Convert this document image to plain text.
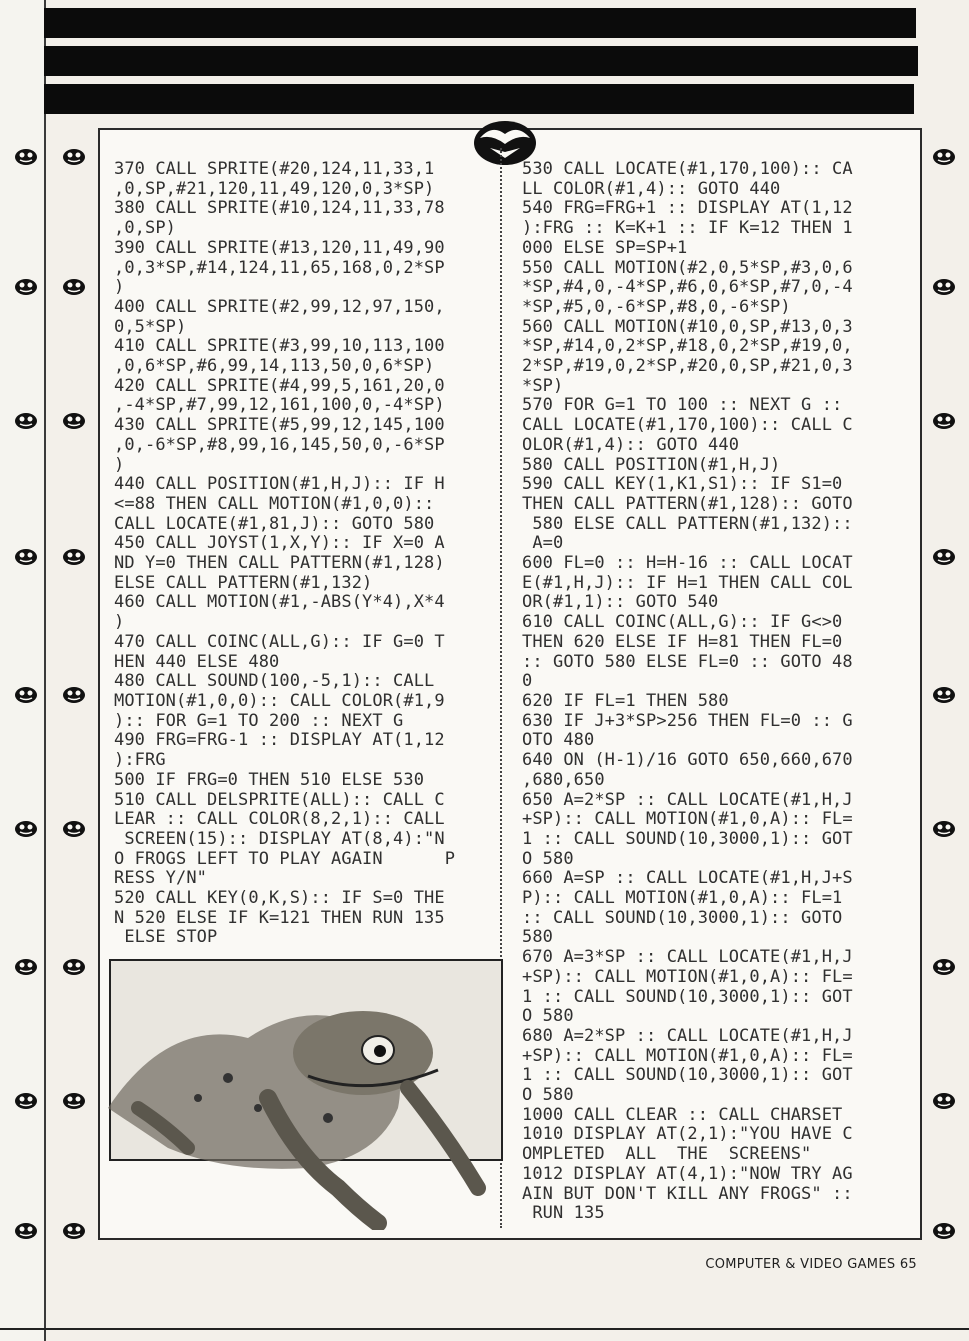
370 CALL SPRITE(#20,124,11,33,1
,0,SP,#21,120,11,49,120,0,3*SP)
380 CALL SPRITE(#10,124,11,33,78
,0,SP)
390 CALL SPRITE(#13,120,11,49,90
,0,3*SP,#14,124,11,65,168,0,2*SP
)
400 CALL SPRITE(#2,99,12,97,150,
0,5*SP)
410 CALL SPRITE(#3,99,10,113,100
,0,6*SP,#6,99,14,113,50,0,6*SP)
420 CALL SPRITE(#4,99,5,161,20,0
,-4*SP,#7,99,12,161,100,0,-4*SP)
430 CALL SPRITE(#5,99,12,145,100
,0,-6*SP,#8,99,16,145,50,0,-6*SP
)
440 CALL POSITION(#1,H,J):: IF H
<=88 THEN CALL MOTION(#1,0,0)::
CALL LOCATE(#1,81,J):: GOTO 580
450 CALL JOYST(1,X,Y):: IF X=0 A
ND Y=0 THEN CALL PATTERN(#1,128)
ELSE CALL PATTERN(#1,132)
460 CALL MOTION(#1,-ABS(Y*4),X*4
)
470 CALL COINC(ALL,G):: IF G=0 T
HEN 440 ELSE 480
480 CALL SOUND(100,-5,1):: CALL
MOTION(#1,0,0):: CALL COLOR(#1,9
):: FOR G=1 TO 200 :: NEXT G
490 FRG=FRG-1 :: DISPLAY AT(1,12
):FRG
500 IF FRG=0 THEN 510 ELSE 530
510 CALL DELSPRITE(ALL):: CALL C
LEAR :: CALL COLOR(8,2,1):: CALL
SCREEN(15):: DISPLAY AT(8,4):"N
O FROGS LEFT TO PLAY AGAIN      P
RESS Y/N"
520 CALL KEY(0,K,S):: IF S=0 THE
N 520 ELSE IF K=121 THEN RUN 135
ELSE STOP

530 CALL LOCATE(#1,170,100):: CA
LL COLOR(#1,4):: GOTO 440
540 FRG=FRG+1 :: DISPLAY AT(1,12
):FRG :: K=K+1 :: IF K=12 THEN 1
000 ELSE SP=SP+1
550 CALL MOTION(#2,0,5*SP,#3,0,6
*SP,#4,0,-4*SP,#6,0,6*SP,#7,0,-4
*SP,#5,0,-6*SP,#8,0,-6*SP)
560 CALL MOTION(#10,0,SP,#13,0,3
*SP,#14,0,2*SP,#18,0,2*SP,#19,0,
2*SP,#19,0,2*SP,#20,0,SP,#21,0,3
*SP)
570 FOR G=1 TO 100 :: NEXT G ::
CALL LOCATE(#1,170,100):: CALL C
OLOR(#1,4):: GOTO 440
580 CALL POSITION(#1,H,J)
590 CALL KEY(1,K1,S1):: IF S1=0
THEN CALL PATTERN(#1,128):: GOTO
580 ELSE CALL PATTERN(#1,132)::
A=0
600 FL=0 :: H=H-16 :: CALL LOCAT
E(#1,H,J):: IF H=1 THEN CALL COL
OR(#1,1):: GOTO 540
610 CALL COINC(ALL,G):: IF G<>0
THEN 620 ELSE IF H=81 THEN FL=0
:: GOTO 580 ELSE FL=0 :: GOTO 48
0
620 IF FL=1 THEN 580
630 IF J+3*SP>256 THEN FL=0 :: G
OTO 480
640 ON (H-1)/16 GOTO 650,660,670
,680,650
650 A=2*SP :: CALL LOCATE(#1,H,J
+SP):: CALL MOTION(#1,0,A):: FL=
1 :: CALL SOUND(10,3000,1):: GOT
O 580
660 A=SP :: CALL LOCATE(#1,H,J+S
P):: CALL MOTION(#1,0,A):: FL=1
:: CALL SOUND(10,3000,1):: GOTO
580
670 A=3*SP :: CALL LOCATE(#1,H,J
+SP):: CALL MOTION(#1,0,A):: FL=
1 :: CALL SOUND(10,3000,1):: GOT
O 580
680 A=2*SP :: CALL LOCATE(#1,H,J
+SP):: CALL MOTION(#1,0,A):: FL=
1 :: CALL SOUND(10,3000,1):: GOT
O 580
1000 CALL CLEAR :: CALL CHARSET
1010 DISPLAY AT(2,1):"YOU HAVE C
OMPLETED  ALL  THE  SCREENS"
1012 DISPLAY AT(4,1):"NOW TRY AG
AIN BUT DON'T KILL ANY FROGS" ::
RUN 135

COMPUTER & VIDEO GAMES 65
